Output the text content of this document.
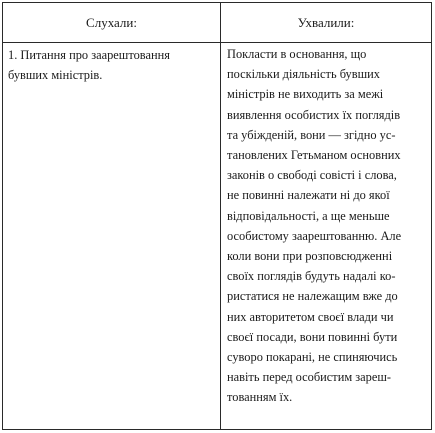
Слухали:	Ухвалили:
1. Питання про заарештовання
бувших міністрів.
Покласти в основання, що
поскільки діяльність бувших
міністрів не виходить за межі
виявлення особистих їх поглядів
та убіжденій, вони — згідно ус-
тановлених Гетьманом основних
законів о свободі совісті і слова,
не повинні належати ні до якої
відповідальності, а ще меньше
особистому заарештованню. Але
коли вони при розповсюдженні
своїх поглядів будуть надалі ко-
ристатися не належащим вже до
них авторитетом своєї влади чи
своєї посади, вони повинні бути
суворо покарані, не спиняючись
навіть перед особистим зареш-
тованням їх.
